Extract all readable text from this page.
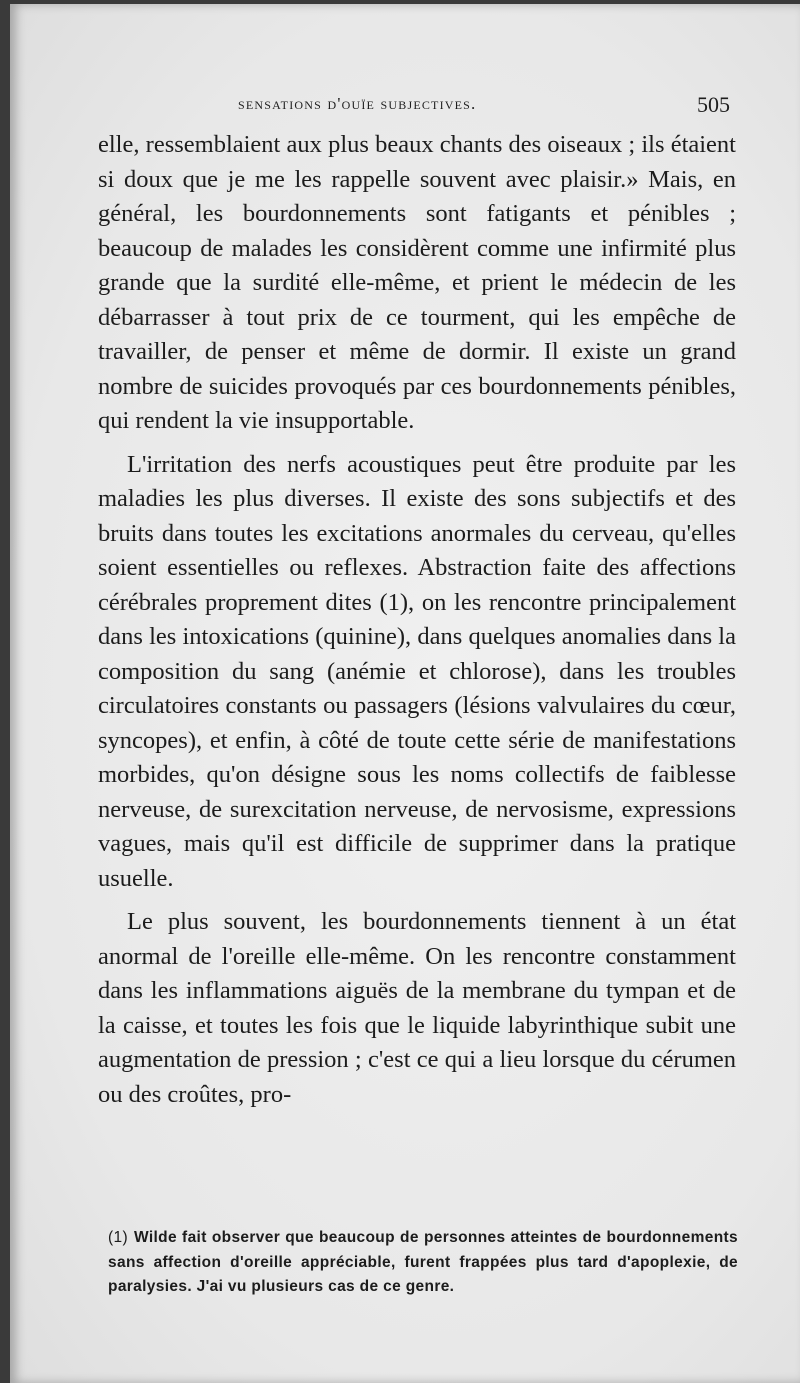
sensations d'ouïe subjectives.	505

elle, ressemblaient aux plus beaux chants des oiseaux ; ils étaient si doux que je me les rappelle souvent avec plaisir.» Mais, en général, les bourdonnements sont fatigants et pénibles ; beaucoup de malades les considèrent comme une infirmité plus grande que la surdité elle-même, et prient le médecin de les débarrasser à tout prix de ce tourment, qui les empêche de travailler, de penser et même de dormir. Il existe un grand nombre de suicides provoqués par ces bourdonnements pénibles, qui rendent la vie insupportable.

L'irritation des nerfs acoustiques peut être produite par les maladies les plus diverses. Il existe des sons subjectifs et des bruits dans toutes les excitations anormales du cerveau, qu'elles soient essentielles ou reflexes. Abstraction faite des affections cérébrales proprement dites (1), on les rencontre principalement dans les intoxications (quinine), dans quelques anomalies dans la composition du sang (anémie et chlorose), dans les troubles circulatoires constants ou passagers (lésions valvulaires du cœur, syncopes), et enfin, à côté de toute cette série de manifestations morbides, qu'on désigne sous les noms collectifs de faiblesse nerveuse, de surexcitation nerveuse, de nervosisme, expressions vagues, mais qu'il est difficile de supprimer dans la pratique usuelle.

Le plus souvent, les bourdonnements tiennent à un état anormal de l'oreille elle-même. On les rencontre constamment dans les inflammations aiguës de la membrane du tympan et de la caisse, et toutes les fois que le liquide labyrinthique subit une augmentation de pression ; c'est ce qui a lieu lorsque du cérumen ou des croûtes, pro-

(1) Wilde fait observer que beaucoup de personnes atteintes de bourdonnements sans affection d'oreille appréciable, furent frappées plus tard d'apoplexie, de paralysies. J'ai vu plusieurs cas de ce genre.
